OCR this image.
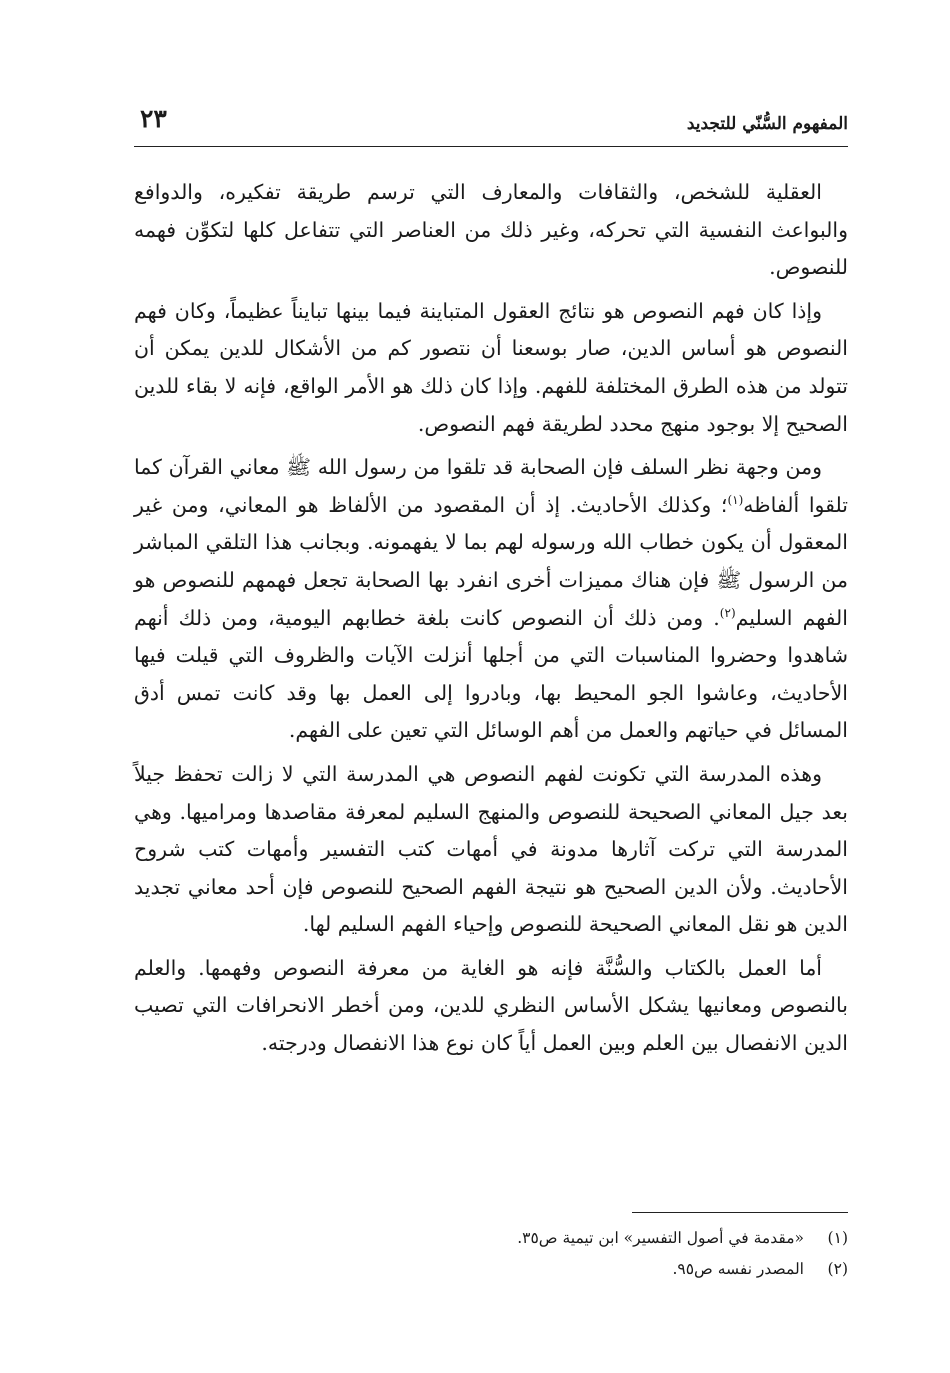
المفهوم السُّنّي للتجديد
٢٣

العقلية للشخص، والثقافات والمعارف التي ترسم طريقة تفكيره، والدوافع والبواعث النفسية التي تحركه، وغير ذلك من العناصر التي تتفاعل كلها لتكوِّن فهمه للنصوص.

وإذا كان فهم النصوص هو نتائج العقول المتباينة فيما بينها تبايناً عظيماً، وكان فهم النصوص هو أساس الدين، صار بوسعنا أن نتصور كم من الأشكال للدين يمكن أن تتولد من هذه الطرق المختلفة للفهم. وإذا كان ذلك هو الأمر الواقع، فإنه لا بقاء للدين الصحيح إلا بوجود منهج محدد لطريقة فهم النصوص.

ومن وجهة نظر السلف فإن الصحابة قد تلقوا من رسول الله ﷺ معاني القرآن كما تلقوا ألفاظه$^{(١)}$؛ وكذلك الأحاديث. إذ أن المقصود من الألفاظ هو المعاني، ومن غير المعقول أن يكون خطاب الله ورسوله لهم بما لا يفهمونه. وبجانب هذا التلقي المباشر من الرسول ﷺ فإن هناك مميزات أخرى انفرد بها الصحابة تجعل فهمهم للنصوص هو الفهم السليم$^{(٢)}$. ومن ذلك أن النصوص كانت بلغة خطابهم اليومية، ومن ذلك أنهم شاهدوا وحضروا المناسبات التي من أجلها أنزلت الآيات والظروف التي قيلت فيها الأحاديث، وعاشوا الجو المحيط بها، وبادروا إلى العمل بها وقد كانت تمس أدق المسائل في حياتهم والعمل من أهم الوسائل التي تعين على الفهم.

وهذه المدرسة التي تكونت لفهم النصوص هي المدرسة التي لا زالت تحفظ جيلاً بعد جيل المعاني الصحيحة للنصوص والمنهج السليم لمعرفة مقاصدها ومراميها. وهي المدرسة التي تركت آثارها مدونة في أمهات كتب التفسير وأمهات كتب شروح الأحاديث. ولأن الدين الصحيح هو نتيجة الفهم الصحيح للنصوص فإن أحد معاني تجديد الدين هو نقل المعاني الصحيحة للنصوص وإحياء الفهم السليم لها.

أما العمل بالكتاب والسُّنَّة فإنه هو الغاية من معرفة النصوص وفهمها. والعلم بالنصوص ومعانيها يشكل الأساس النظري للدين، ومن أخطر الانحرافات التي تصيب الدين الانفصال بين العلم وبين العمل أياً كان نوع هذا الانفصال ودرجته.

(١)«مقدمة في أصول التفسير» ابن تيمية ص٣٥.
(٢)المصدر نفسه ص٩٥.
